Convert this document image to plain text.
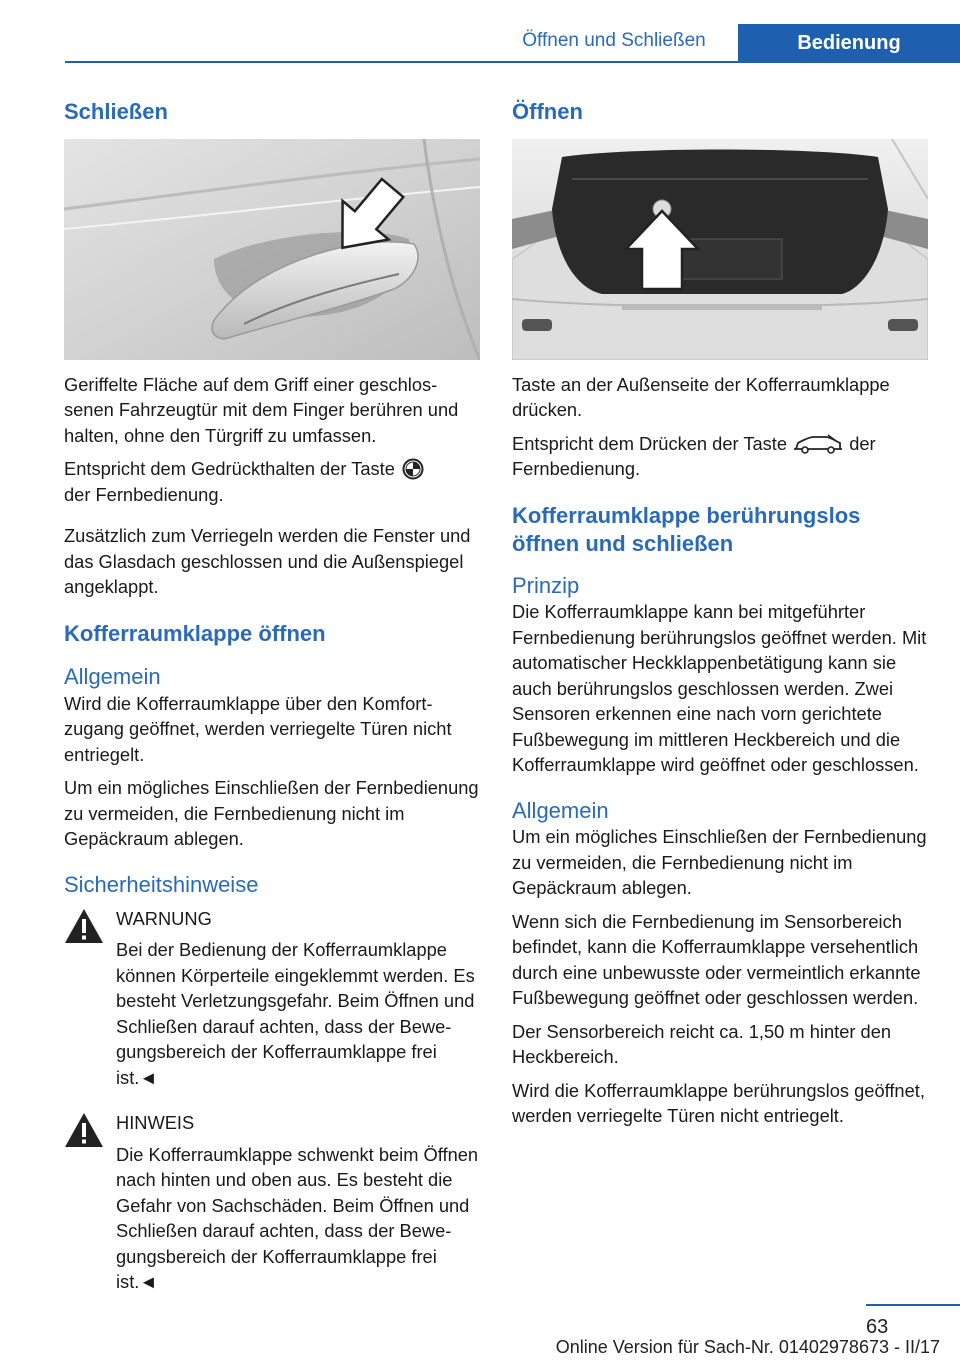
Öffnen und Schließen	Bedienung
Schließen

Geriffelte Fläche auf dem Griff einer geschlossenen Fahrzeugtür mit dem Finger berühren und halten, ohne den Türgriff zu umfassen.

Entspricht dem Gedrückthalten der Taste
der Fernbedienung.

Zusätzlich zum Verriegeln werden die Fenster und das Glasdach geschlossen und die Außenspiegel angeklappt.

Kofferraumklappe öffnen
Allgemein

Wird die Kofferraumklappe über den Komfortzugang geöffnet, werden verriegelte Türen nicht entriegelt.

Um ein mögliches Einschließen der Fernbedienung zu vermeiden, die Fernbedienung nicht im Gepäckraum ablegen.

Sicherheitshinweise
WARNUNG

Bei der Bedienung der Kofferraumklappe können Körperteile eingeklemmt werden. Es besteht Verletzungsgefahr. Beim Öffnen und Schließen darauf achten, dass der Bewegungsbereich der Kofferraumklappe frei ist.◄

HINWEIS

Die Kofferraumklappe schwenkt beim Öffnen nach hinten und oben aus. Es besteht die Gefahr von Sachschäden. Beim Öffnen und Schließen darauf achten, dass der Bewegungsbereich der Kofferraumklappe frei ist.◄

Öffnen

Taste an der Außenseite der Kofferraumklappe drücken.

Entspricht dem Drücken der Taste	der Fernbedienung.

Kofferraumklappe berührungslos öffnen und schließen
Prinzip

Die Kofferraumklappe kann bei mitgeführter Fernbedienung berührungslos geöffnet werden. Mit automatischer Heckklappenbetätigung kann sie auch berührungslos geschlossen werden. Zwei Sensoren erkennen eine nach vorn gerichtete Fußbewegung im mittleren Heckbereich und die Kofferraumklappe wird geöffnet oder geschlossen.

Allgemein

Um ein mögliches Einschließen der Fernbedienung zu vermeiden, die Fernbedienung nicht im Gepäckraum ablegen.

Wenn sich die Fernbedienung im Sensorbereich befindet, kann die Kofferraumklappe versehentlich durch eine unbewusste oder vermeintlich erkannte Fußbewegung geöffnet oder geschlossen werden.

Der Sensorbereich reicht ca. 1,50 m hinter den Heckbereich.

Wird die Kofferraumklappe berührungslos geöffnet, werden verriegelte Türen nicht entriegelt.

63
Online Version für Sach-Nr. 01402978673 - II/17
